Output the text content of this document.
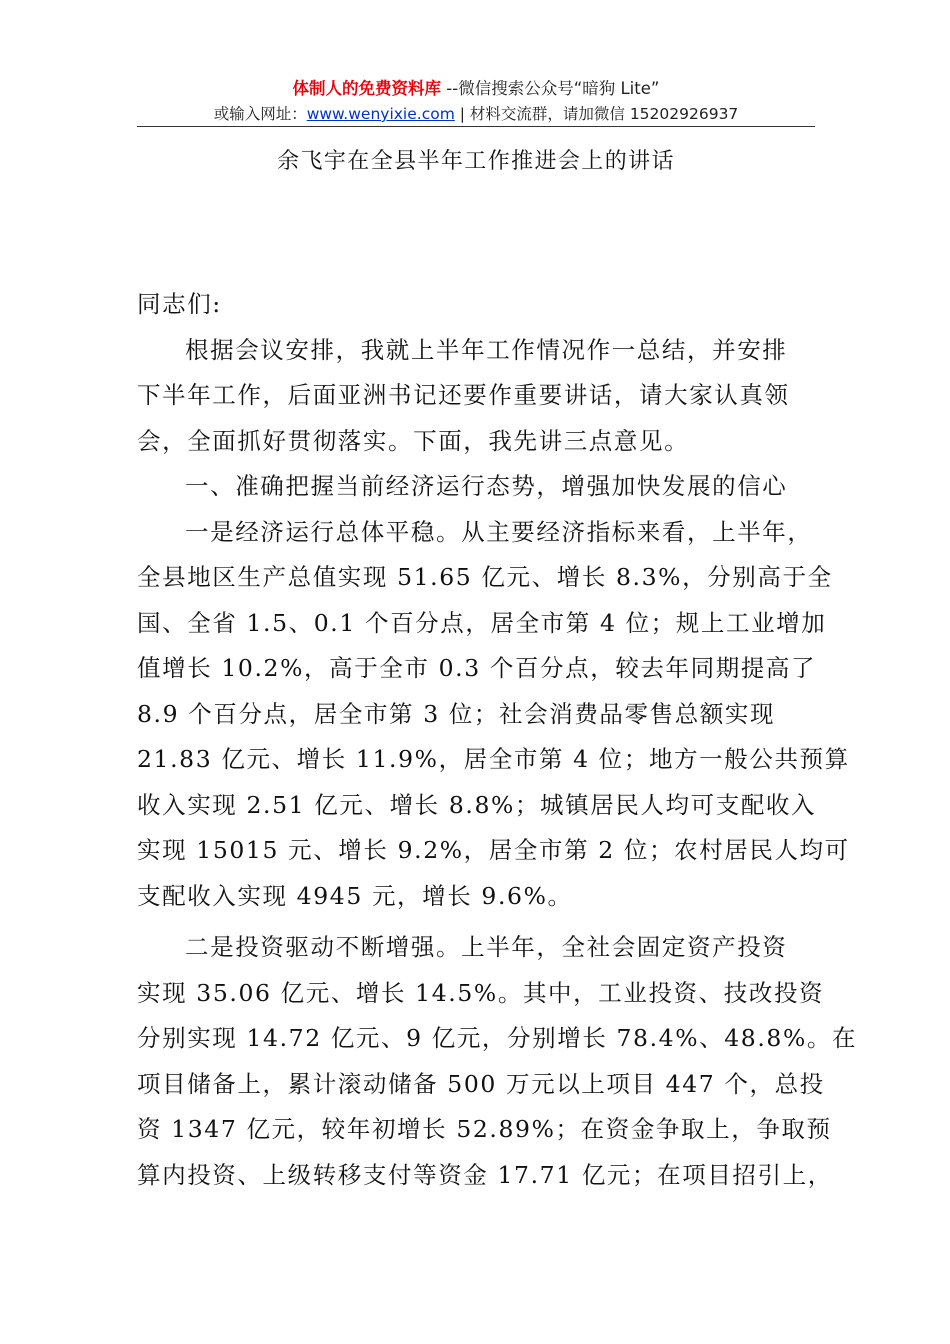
体制人的免费资料库 --微信搜索公众号“暗狗 Lite”
或输入网址：www.wenyixie.com | 材料交流群，请加微信 15202926937
余飞宇在全县半年工作推进会上的讲话
同志们:
根据会议安排，我就上半年工作情况作一总结，并安排
下半年工作，后面亚洲书记还要作重要讲话，请大家认真领
会，全面抓好贯彻落实。下面，我先讲三点意见。
一、准确把握当前经济运行态势，增强加快发展的信心
一是经济运行总体平稳。从主要经济指标来看，上半年，
全县地区生产总值实现 51.65 亿元、增长 8.3%，分别高于全
国、全省 1.5、0.1 个百分点，居全市第 4 位；规上工业增加
值增长 10.2%，高于全市 0.3 个百分点，较去年同期提高了
8.9 个百分点，居全市第 3 位；社会消费品零售总额实现
21.83 亿元、增长 11.9%，居全市第 4 位；地方一般公共预算
收入实现 2.51 亿元、增长 8.8%；城镇居民人均可支配收入
实现 15015 元、增长 9.2%，居全市第 2 位；农村居民人均可
支配收入实现 4945 元，增长 9.6%。
二是投资驱动不断增强。上半年，全社会固定资产投资
实现 35.06 亿元、增长 14.5%。其中，工业投资、技改投资
分别实现 14.72 亿元、9 亿元，分别增长 78.4%、48.8%。在
项目储备上，累计滚动储备 500 万元以上项目 447 个，总投
资 1347 亿元，较年初增长 52.89%；在资金争取上，争取预
算内投资、上级转移支付等资金 17.71 亿元；在项目招引上，
